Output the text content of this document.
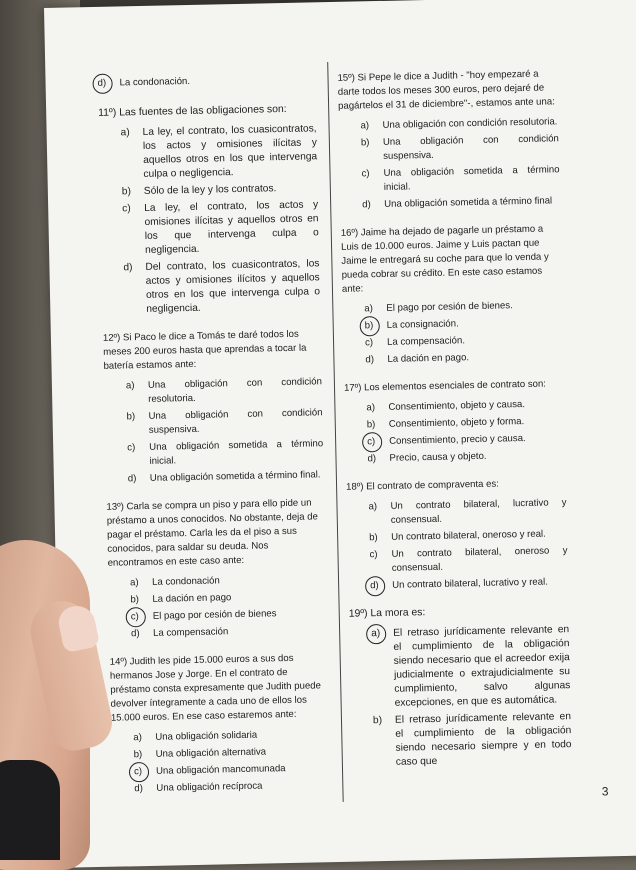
d)	La condonación.
11º) Las fuentes de las obligaciones son:
a)	La ley, el contrato, los cuasicontratos, los actos y omisiones ilícitas y aquellos otros en los que intervenga culpa o negligencia.
b)	Sólo de la ley y los contratos.
c)	La ley, el contrato, los actos y omisiones ilícitas y aquellos otros en los que intervenga culpa o negligencia.
d)	Del contrato, los cuasicontratos, los actos y omisiones ilícitos y aquellos otros en los que intervenga culpa o negligencia.
12º) Si Paco le dice a Tomás te daré todos los meses 200 euros hasta que aprendas a tocar la batería estamos ante:
a)	Una obligación con condición resolutoria.
b)	Una obligación con condición suspensiva.
c)	Una obligación sometida a término inicial.
d)	Una obligación sometida a término final.
13º) Carla se compra un piso y para ello pide un préstamo a unos conocidos. No obstante, deja de pagar el préstamo. Carla les da el piso a sus conocidos, para saldar su deuda. Nos encontramos en este caso ante:
a)	La condonación
b)	La dación en pago
c)	El pago por cesión de bienes
d)	La compensación
14º) Judith les pide 15.000 euros a sus dos hermanos Jose y Jorge. En el contrato de préstamo consta expresamente que Judith puede devolver íntegramente a cada uno de ellos los 15.000 euros. En ese caso estaremos ante:
a)	Una obligación solidaria
b)	Una obligación alternativa
c)	Una obligación mancomunada
d)	Una obligación recíproca
15º) Si Pepe le dice a Judith - "hoy empezaré a darte todos los meses 300 euros, pero dejaré de pagártelos el 31 de diciembre"-, estamos ante una:
a)	Una obligación con condición resolutoria.
b)	Una obligación con condición suspensiva.
c)	Una obligación sometida a término inicial.
d)	Una obligación sometida a término final
16º) Jaime ha dejado de pagarle un préstamo a Luis de 10.000 euros. Jaime y Luis pactan que Jaime le entregará su coche para que lo venda y pueda cobrar su crédito. En este caso estamos ante:
a)	El pago por cesión de bienes.
b)	La consignación.
c)	La compensación.
d)	La dación en pago.
17º) Los elementos esenciales de contrato son:
a)	Consentimiento, objeto y causa.
b)	Consentimiento, objeto y forma.
c)	Consentimiento, precio y causa.
d)	Precio, causa y objeto.
18º) El contrato de compraventa es:
a)	Un contrato bilateral, lucrativo y consensual.
b)	Un contrato bilateral, oneroso y real.
c)	Un contrato bilateral, oneroso y consensual.
d)	Un contrato bilateral, lucrativo y real.
19º) La mora es:
a)	El retraso jurídicamente relevante en el cumplimiento de la obligación siendo necesario que el acreedor exija judicialmente o extrajudicialmente su cumplimiento, salvo algunas excepciones, en que es automática.
b)	El retraso jurídicamente relevante en el cumplimiento de la obligación siendo necesario siempre y en todo caso que
3
